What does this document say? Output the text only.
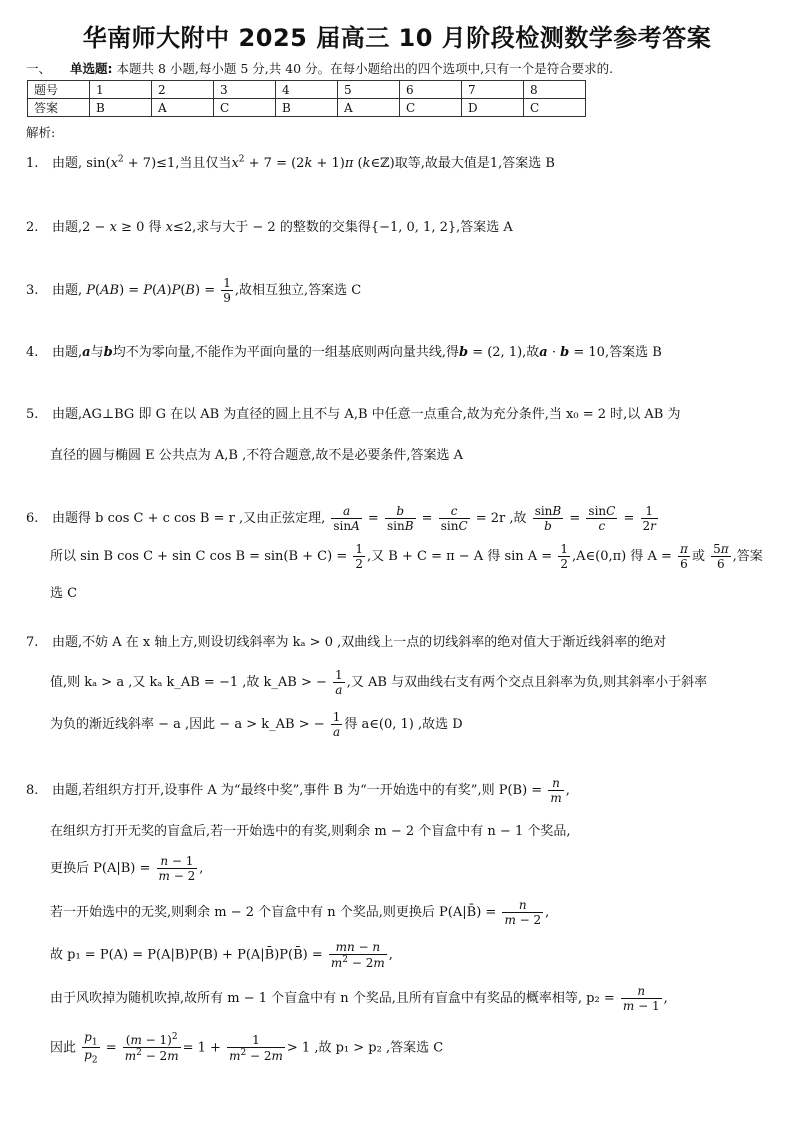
华南师大附中 2025 届高三 10 月阶段检测数学参考答案
一、 单选题: 本题共 8 小题,每小题 5 分,共 40 分。在每小题给出的四个选项中,只有一个是符合要求的.
题号	1	2	3	4	5	6	7	8
答案	B	A	C	B	A	C	D	C
解析:
1. 由题, $\sin(x^2 + 7)\le 1$,当且仅当$x^2 + 7 = (2k + 1)\pi$ (k∈ℤ)取等,故最大值是1,答案选 B
2. 由题,2 − x ≥ 0 得 x≤2,求与大于 − 2 的整数的交集得{−1, 0, 1, 2},答案选 A
3. 由题, $P(AB) = P(A)P(B) = \frac{1}{9}$ ,故相互独立,答案选 C
4. 由题,a与b均不为零向量,不能作为平面向量的一组基底则两向量共线,得b = (2, 1),故a · b = 10,答案选 B
5. 由题,AG⊥BG 即 G 在以 AB 为直径的圆上且不与 A,B 中任意一点重合,故为充分条件,当 x₀ = 2 时,以 AB 为
直径的圆与椭圆 E 公共点为 A,B ,不符合题意,故不是必要条件,答案选 A
6. 由题得 b cos C + c cos B = r ,又由正弦定理, $\frac{a}{\sin A} = \frac{b}{\sin B} = \frac{c}{\sin C} = 2r$ ,故 $\frac{\sin B}{b} = \frac{\sin C}{c} = \frac{1}{2r}$
所以 sin B cos C + sin C $\cos B = \sin(B + C) = \frac{1}{2}$ ,又 B + C = π − A 得 $\sin A = \frac{1}{2}$ ,A∈(0,π) 得 $A = \frac{\pi}{6}$ 或 $\frac{5\pi}{6}$ ,答案
选 C
7. 由题,不妨 A 在 x 轴上方,则设切线斜率为 kₐ > 0 ,双曲线上一点的切线斜率的绝对值大于渐近线斜率的绝对
值,则 kₐ > a ,又 kₐ k_AB = −1 ,故 k_AB > − $\frac{1}{a}$ ,又 AB 与双曲线右支有两个交点且斜率为负,则其斜率小于斜率
为负的渐近线斜率 − a ,因此 − a > k_AB > − $\frac{1}{a}$ 得 a∈(0, 1) ,故选 D
8. 由题,若组织方打开,设事件 A 为“最终中奖”,事件 B 为“一开始选中的有奖”,则 $P(B) = \frac{n}{m}$ ,
在组织方打开无奖的盲盒后,若一开始选中的有奖,则剩余 m − 2 个盲盒中有 n − 1 个奖品,
更换后 $P(A|B) = \frac{n - 1}{m - 2}$ ,
若一开始选中的无奖,则剩余 m − 2 个盲盒中有 n 个奖品,则更换后 P(A|B̄) = $\frac{n}{m - 2}$ ,
故 p₁ = P(A) = P(A|B)P(B) + P(A|B̄)P(B̄) = $\frac{mn - n}{m^2 - 2m}$ ,
由于风吹掉为随机吹掉,故所有 m − 1 个盲盒中有 n 个奖品,且所有盲盒中有奖品的概率相等, $p_2 = \frac{n}{m - 1}$ ,
因此 $\frac{p_1}{p_2} = \frac{(m - 1)^2}{m^2 - 2m} = 1 + \frac{1}{m^2 - 2m} > 1$ ,故 p₁ > p₂ ,答案选 C
